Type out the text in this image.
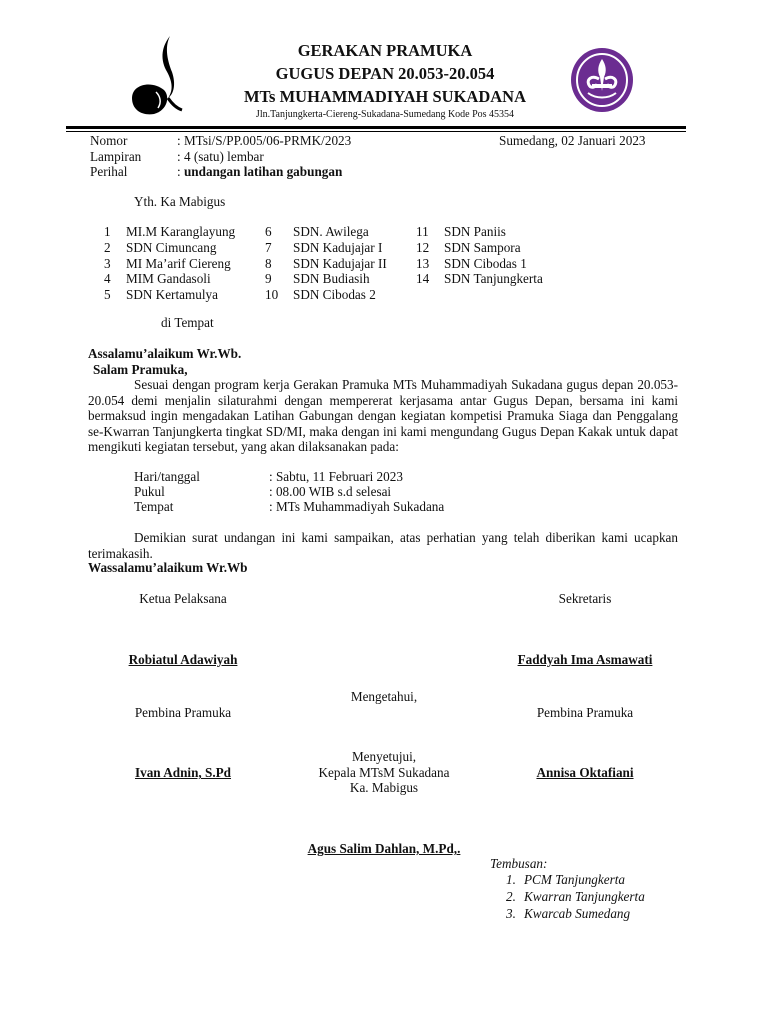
GERAKAN PRAMUKA
GUGUS DEPAN 20.053-20.054
MTs MUHAMMADIYAH SUKADANA
Jln.Tanjungkerta-Ciereng-Sukadana-Sumedang Kode Pos 45354
Nomor	: MTsi/S/PP.005/06-PRMK/2023	Sumedang, 02 Januari 2023
Lampiran	: 4 (satu) lembar
Perihal	: undangan latihan gabungan
Yth. Ka Mabigus
1 MI.M Karanglayung
2 SDN Cimuncang
3 MI Ma’arif Ciereng
4 MIM Gandasoli
5 SDN Kertamulya
6 SDN. Awilega
7 SDN Kadujajar I
8 SDN Kadujajar II
9 SDN Budiasih
10 SDN Cibodas 2
11 SDN Paniis
12 SDN Sampora
13 SDN Cibodas 1
14 SDN Tanjungkerta
di Tempat
Assalamu’alaikum Wr.Wb.
Salam Pramuka,
Sesuai dengan program kerja Gerakan Pramuka MTs Muhammadiyah Sukadana gugus depan 20.053-20.054 demi menjalin silaturahmi dengan mempererat kerjasama antar Gugus Depan, bersama ini kami bermaksud ingin mengadakan Latihan Gabungan dengan kegiatan kompetisi Pramuka Siaga dan Penggalang se-Kwarran Tanjungkerta tingkat SD/MI, maka dengan ini kami mengundang Gugus Depan Kakak untuk dapat mengikuti kegiatan tersebut, yang akan dilaksanakan pada:
Hari/tanggal	: Sabtu, 11 Februari 2023
Pukul	: 08.00 WIB s.d selesai
Tempat	: MTs Muhammadiyah Sukadana
Demikian surat undangan ini kami sampaikan, atas perhatian yang telah diberikan kami ucapkan terimakasih.
Wassalamu’alaikum Wr.Wb
Ketua Pelaksana	Sekretaris
Robiatul Adawiyah	Faddyah Ima Asmawati
Mengetahui,
Pembina Pramuka	Pembina Pramuka
Menyetujui,
Ivan Adnin, S.Pd	Kepala MTsM Sukadana	Annisa Oktafiani
Ka. Mabigus
Agus Salim Dahlan, M.Pd,.
Tembusan:
1. PCM Tanjungkerta
2. Kwarran Tanjungkerta
3. Kwarcab Sumedang
